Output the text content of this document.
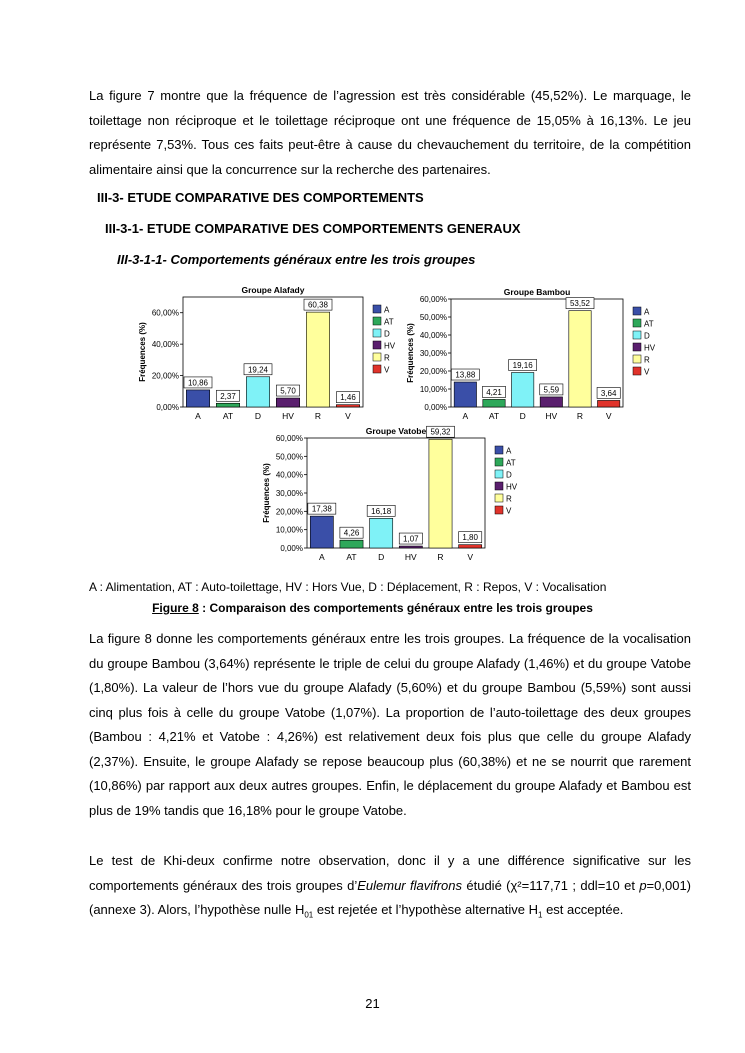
La figure 7 montre que la fréquence de l’agression est très considérable (45,52%). Le marquage, le toilettage non réciproque et le toilettage réciproque ont une fréquence de 15,05% à 16,13%. Le jeu représente 7,53%. Tous ces faits peut-être à cause du chevauchement du territoire, de la compétition alimentaire ainsi que la concurrence sur la recherche des partenaires.

III-3- ETUDE COMPARATIVE DES COMPORTEMENTS
III-3-1- ETUDE COMPARATIVE DES COMPORTEMENTS GENERAUX
III-3-1-1- Comportements généraux entre les trois groupes
Groupe Alafady
0,00%
20,00%
40,00%
60,00%
Fréquences (%)
10,86
A
2,37
AT
19,24
D
5,70
HV
60,38
R
1,46
V
A
AT
D
HV
R
V
Groupe Bambou
0,00%
10,00%
20,00%
30,00%
40,00%
50,00%
60,00%
Fréquences (%)	13,88
A
4,21
AT
19,16
D
5,59
HV
53,52
R
3,64
V
A
AT
D
HV
R
V
Groupe Vatobe
0,00%
10,00%
20,00%
30,00%
40,00%
50,00%
60,00%
Fréquences (%)	17,38
A
4,26
AT
16,18
D
1,07
HV
59,32
R
1,80
V
A
AT
D
HV
R
V
A : Alimentation, AT : Auto-toilettage, HV : Hors Vue, D : Déplacement, R : Repos, V : Vocalisation
Figure 8 : Comparaison des comportements généraux entre les trois groupes

La figure 8 donne les comportements généraux entre les trois groupes. La fréquence de la vocalisation du groupe Bambou (3,64%) représente le triple de celui du groupe Alafady (1,46%) et du groupe Vatobe (1,80%). La valeur de l’hors vue du groupe Alafady (5,60%) et du groupe Bambou (5,59%) sont aussi cinq plus fois à celle du groupe Vatobe (1,07%). La proportion de l’auto-toilettage des deux groupes (Bambou : 4,21% et Vatobe : 4,26%) est relativement deux fois plus que celle du groupe Alafady (2,37%). Ensuite, le groupe Alafady se repose beaucoup plus (60,38%) et ne se nourrit que rarement (10,86%) par rapport aux deux autres groupes. Enfin, le déplacement du groupe Alafady et Bambou est plus de 19% tandis que 16,18% pour le groupe Vatobe.

Le test de Khi-deux confirme notre observation, donc il y a une différence significative sur les comportements généraux des trois groupes d’Eulemur flavifrons étudié (χ²=117,71 ; ddl=10 et p=0,001) (annexe 3). Alors, l’hypothèse nulle $H_{01}$ est rejetée et l’hypothèse alternative $H_1$ est acceptée.

21
